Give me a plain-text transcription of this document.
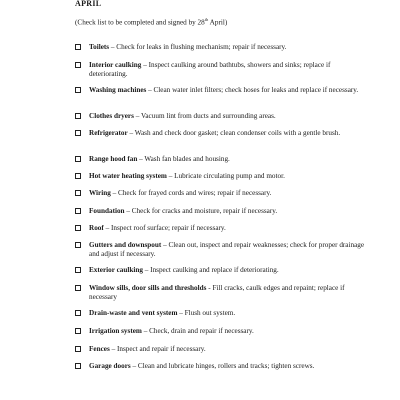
APRIL
(Check list to be completed and signed by 28th April)
Toilets – Check for leaks in flushing mechanism; repair if necessary.
Interior caulking – Inspect caulking around bathtubs, showers and sinks; replace if deteriorating.
Washing machines – Clean water inlet filters; check hoses for leaks and replace if necessary.
Clothes dryers – Vacuum lint from ducts and surrounding areas.
Refrigerator – Wash and check door gasket; clean condenser coils with a gentle brush.
Range hood fan – Wash fan blades and housing.
Hot water heating system – Lubricate circulating pump and motor.
Wiring – Check for frayed cords and wires; repair if necessary.
Foundation – Check for cracks and moisture, repair if necessary.
Roof – Inspect roof surface; repair if necessary.
Gutters and downspout – Clean out, inspect and repair weaknesses; check for proper drainage and adjust if necessary.
Exterior caulking – Inspect caulking and replace if deteriorating.
Window sills, door sills and thresholds - Fill cracks, caulk edges and repaint; replace if necessary
Drain-waste and vent system – Flush out system.
Irrigation system – Check, drain and repair if necessary.
Fences – Inspect and repair if necessary.
Garage doors – Clean and lubricate hinges, rollers and tracks; tighten screws.
